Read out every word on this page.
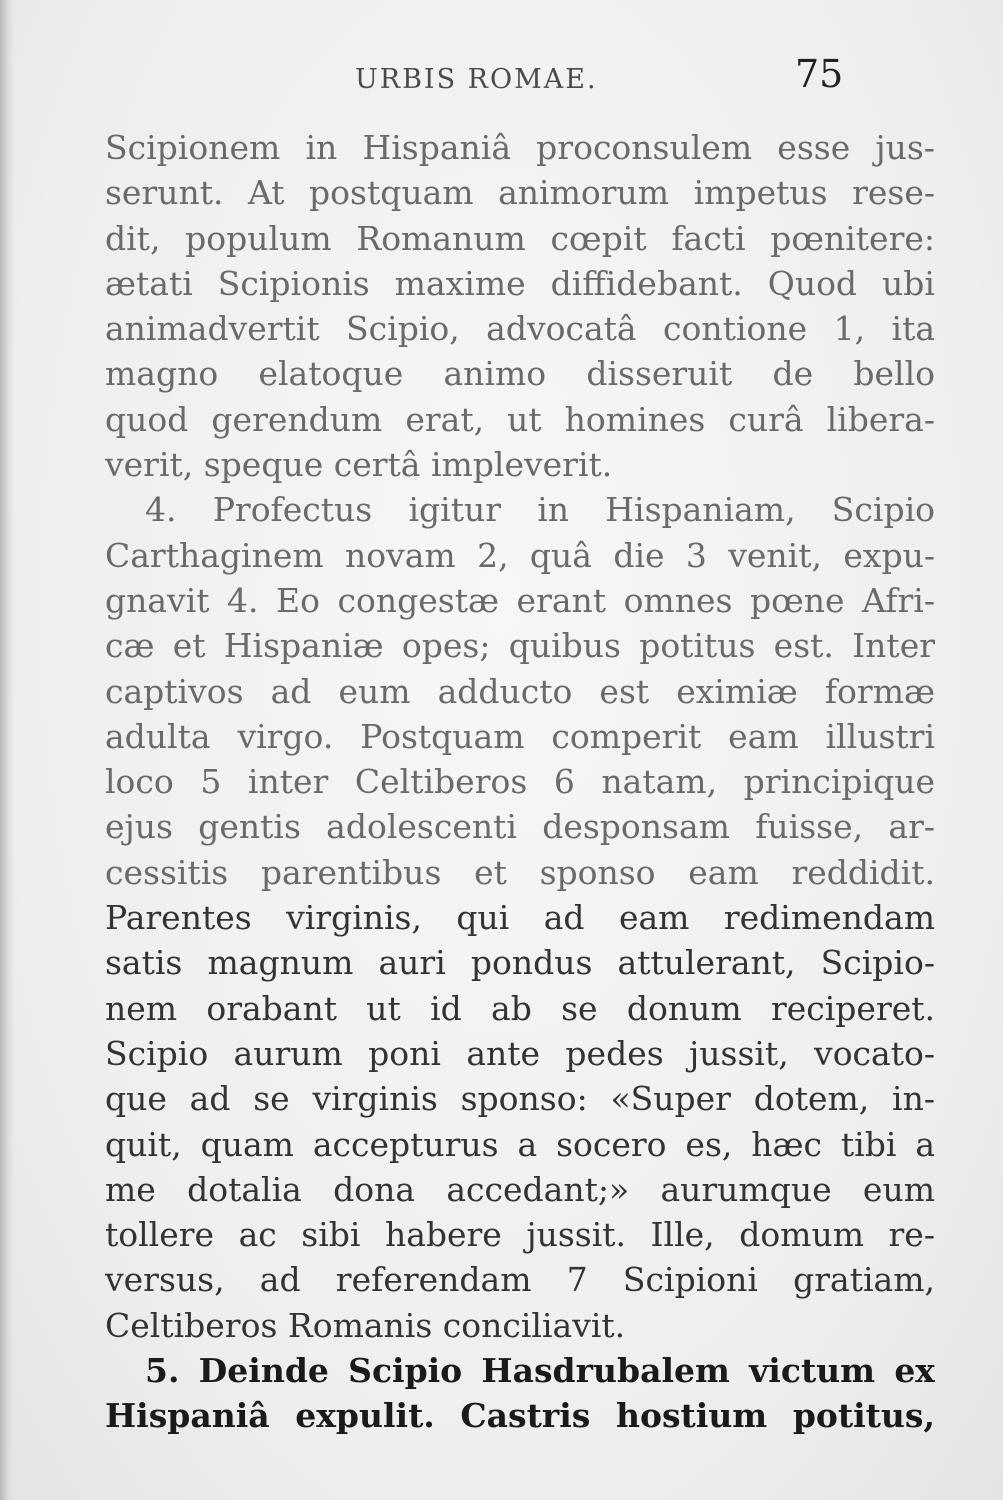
URBIS ROMAE.	75
Scipionem in Hispaniâ proconsulem esse jus-
serunt. At postquam animorum impetus rese-
dit, populum Romanum cœpit facti pœnitere:
ætati Scipionis maxime diffidebant. Quod ubi
animadvertit Scipio, advocatâ contione 1, ita
magno elatoque animo disseruit de bello
quod gerendum erat, ut homines curâ libera-
verit, speque certâ impleverit.
4. Profectus igitur in Hispaniam, Scipio
Carthaginem novam 2, quâ die 3 venit, expu-
gnavit 4. Eo congestæ erant omnes pœne Afri-
cæ et Hispaniæ opes; quibus potitus est. Inter
captivos ad eum adducto est eximiæ formæ
adulta virgo. Postquam comperit eam illustri
loco 5 inter Celtiberos 6 natam, principique
ejus gentis adolescenti desponsam fuisse, ar-
cessitis parentibus et sponso eam reddidit.
Parentes virginis, qui ad eam redimendam
satis magnum auri pondus attulerant, Scipio-
nem orabant ut id ab se donum reciperet.
Scipio aurum poni ante pedes jussit, vocato-
que ad se virginis sponso: «Super dotem, in-
quit, quam accepturus a socero es, hæc tibi a
me dotalia dona accedant;» aurumque eum
tollere ac sibi habere jussit. Ille, domum re-
versus, ad referendam 7 Scipioni gratiam,
Celtiberos Romanis conciliavit.
5. Deinde Scipio Hasdrubalem victum ex
Hispaniâ expulit. Castris hostium potitus,
